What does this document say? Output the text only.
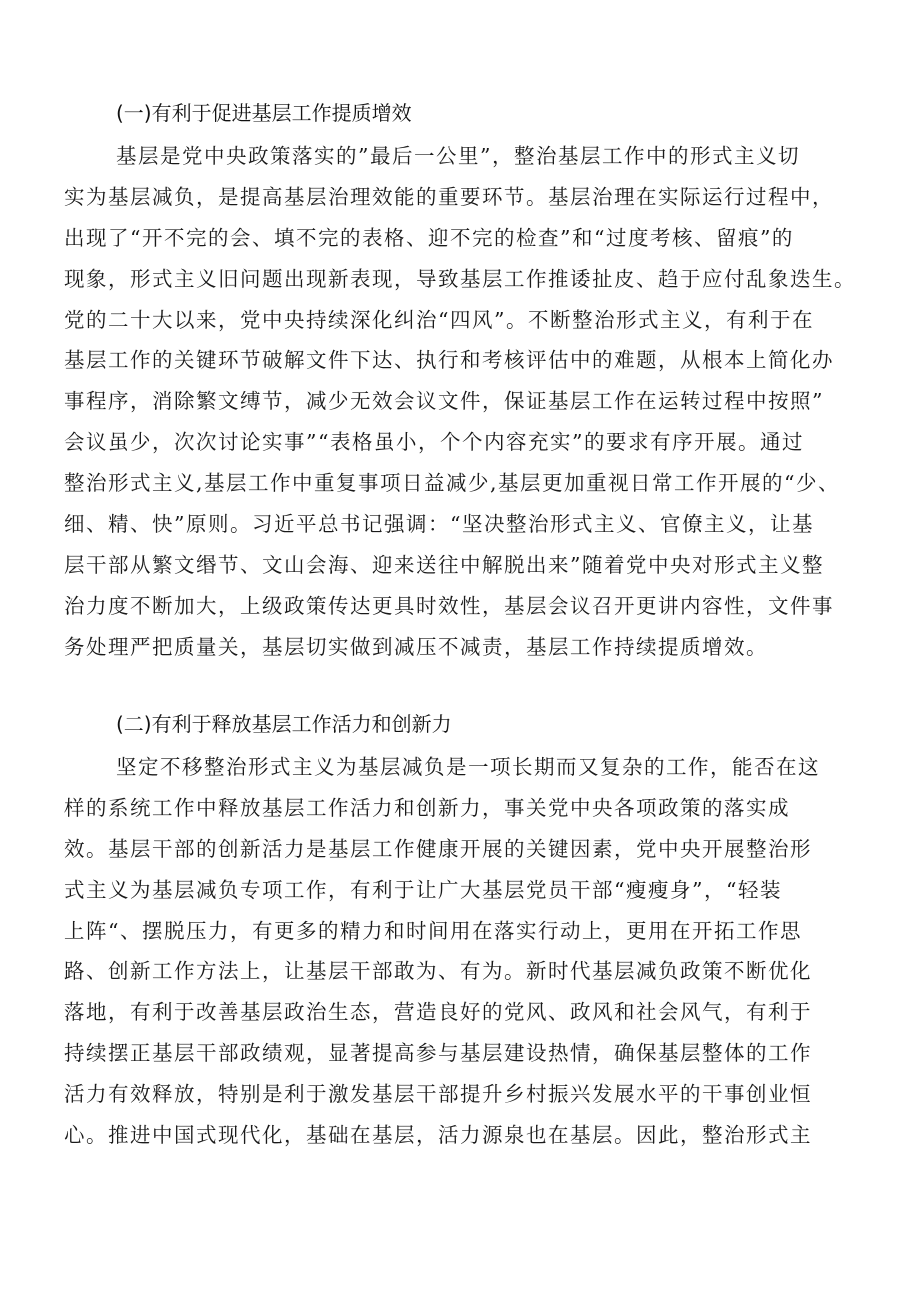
(一)有利于促进基层工作提质增效
基层是党中央政策落实的”最后一公里”，整治基层工作中的形式主义切
实为基层减负，是提高基层治理效能的重要环节。基层治理在实际运行过程中，
出现了“开不完的会、填不完的表格、迎不完的检查”和“过度考核、留痕”的
现象，形式主义旧问题出现新表现，导致基层工作推诿扯皮、趋于应付乱象迭生。
党的二十大以来，党中央持续深化纠治“四风”。不断整治形式主义，有利于在
基层工作的关键环节破解文件下达、执行和考核评估中的难题，从根本上简化办
事程序，消除繁文缚节，减少无效会议文件，保证基层工作在运转过程中按照”
会议虽少，次次讨论实事”“表格虽小，个个内容充实”的要求有序开展。通过
整治形式主义,基层工作中重复事项日益减少,基层更加重视日常工作开展的“少、
细、精、快”原则。习近平总书记强调：“坚决整治形式主义、官僚主义，让基
层干部从繁文缗节、文山会海、迎来送往中解脱出来”随着党中央对形式主义整
治力度不断加大，上级政策传达更具时效性，基层会议召开更讲内容性，文件事
务处理严把质量关，基层切实做到减压不减责，基层工作持续提质增效。
(二)有利于释放基层工作活力和创新力
坚定不移整治形式主义为基层减负是一项长期而又复杂的工作，能否在这
样的系统工作中释放基层工作活力和创新力，事关党中央各项政策的落实成
效。基层干部的创新活力是基层工作健康开展的关键因素，党中央开展整治形
式主义为基层减负专项工作，有利于让广大基层党员干部“瘦瘦身”，“轻装
上阵“、摆脱压力，有更多的精力和时间用在落实行动上，更用在开拓工作思
路、创新工作方法上，让基层干部敢为、有为。新时代基层减负政策不断优化
落地，有利于改善基层政治生态，营造良好的党风、政风和社会风气，有利于
持续摆正基层干部政绩观，显著提高参与基层建设热情，确保基层整体的工作
活力有效释放，特别是利于激发基层干部提升乡村振兴发展水平的干事创业恒
心。推进中国式现代化，基础在基层，活力源泉也在基层。因此，整治形式主
